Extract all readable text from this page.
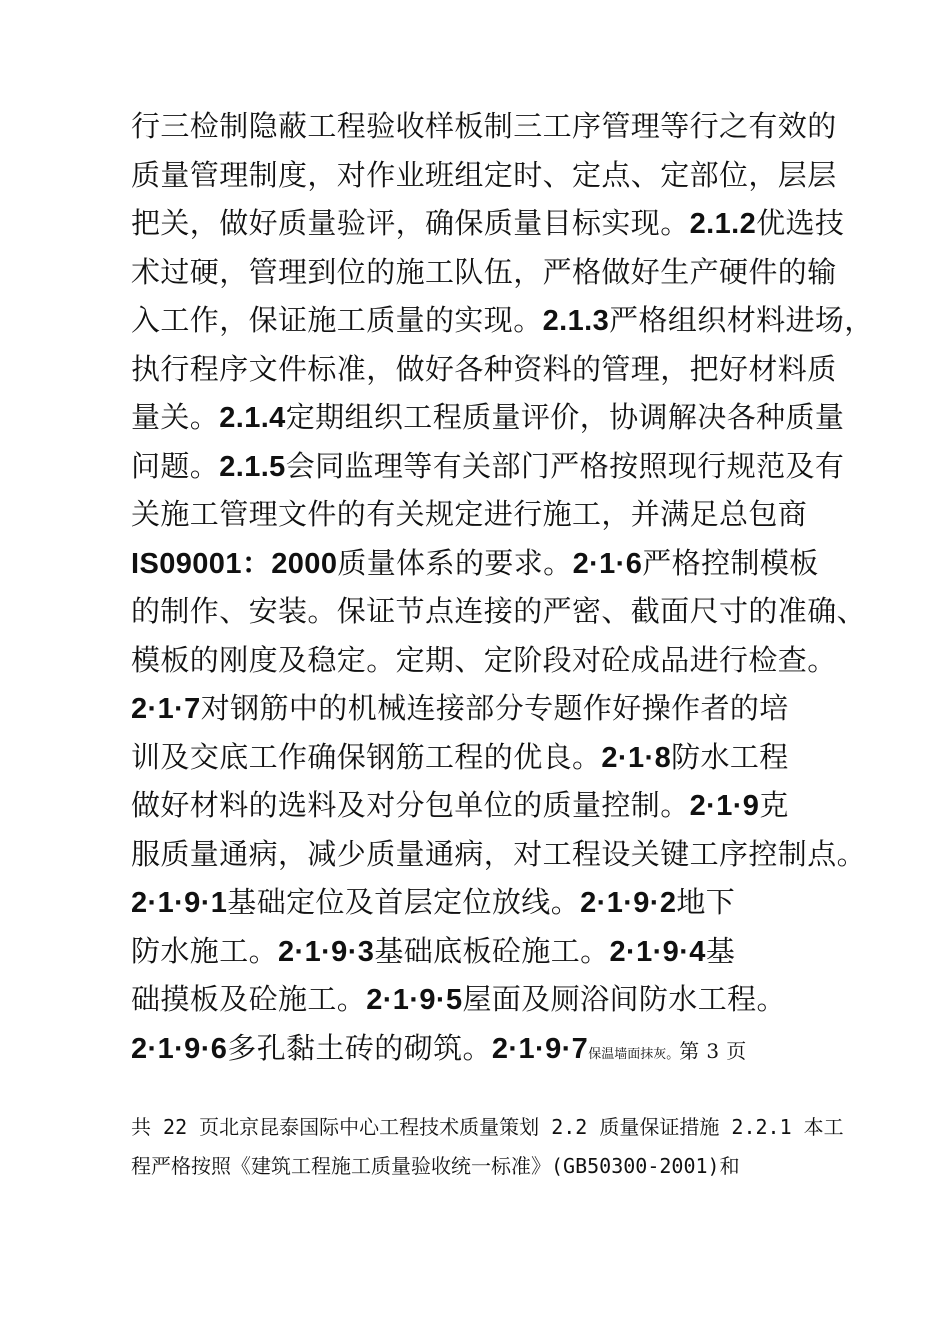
行三检制隐蔽工程验收样板制三工序管理等行之有效的
质量管理制度，对作业班组定时、定点、定部位，层层
把关，做好质量验评，确保质量目标实现。2.1.2优选技
术过硬，管理到位的施工队伍，严格做好生产硬件的输
入工作，保证施工质量的实现。2.1.3严格组织材料进场，
执行程序文件标准，做好各种资料的管理，把好材料质
量关。2.1.4定期组织工程质量评价，协调解决各种质量
问题。2.1.5会同监理等有关部门严格按照现行规范及有
关施工管理文件的有关规定进行施工，并满足总包商
IS09001：2000质量体系的要求。2·1·6严格控制模板
的制作、安装。保证节点连接的严密、截面尺寸的准确、
模板的刚度及稳定。定期、定阶段对砼成品进行检查。
2·1·7对钢筋中的机械连接部分专题作好操作者的培
训及交底工作确保钢筋工程的优良。2·1·8防水工程
做好材料的选料及对分包单位的质量控制。2·1·9克
服质量通病，减少质量通病，对工程设关键工序控制点。
2·1·9·1基础定位及首层定位放线。2·1·9·2地下
防水施工。2·1·9·3基础底板砼施工。2·1·9·4基
础摸板及砼施工。2·1·9·5屋面及厕浴间防水工程。
2·1·9·6多孔黏土砖的砌筑。2·1·9·7保温墙面抹灰。第 3 页
共 22 页北京昆泰国际中心工程技术质量策划 2.2 质量保证措施 2.2.1 本工
程严格按照《建筑工程施工质量验收统一标准》(GB50300-2001)和
